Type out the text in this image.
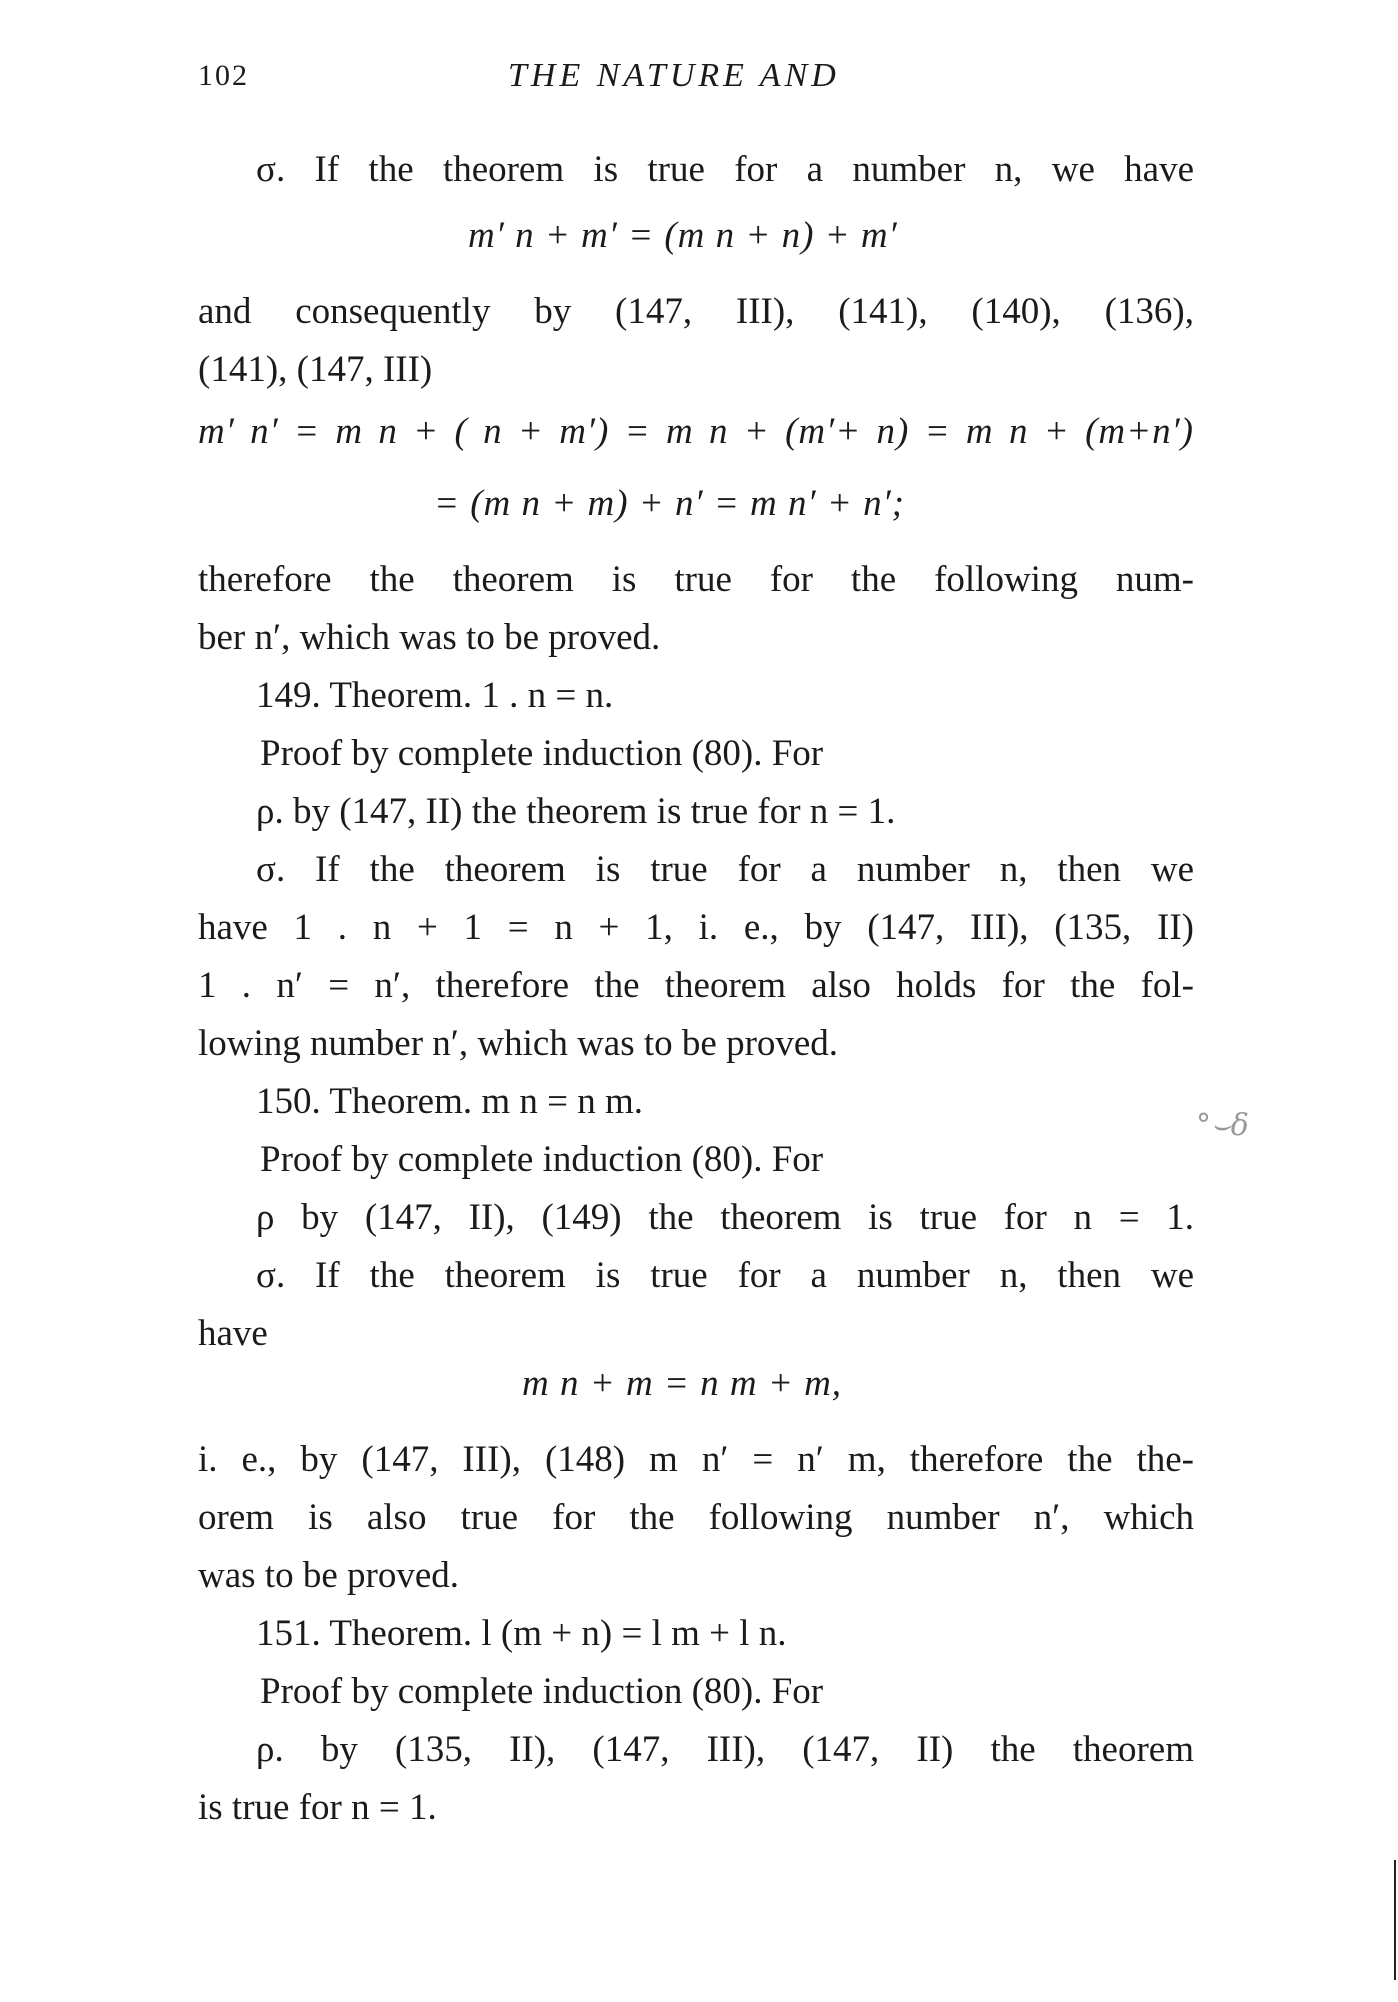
102	THE NATURE AND
σ. If the theorem is true for a number n, we have
m′ n + m′ = (m n + n) + m′
and consequently by (147, III), (141), (140), (136),
(141), (147, III)
m′ n′ = m n + ( n + m′) = m n + (m′+ n) = m n + (m+n′)
= (m n + m) + n′ = m n′ + n′;
therefore the theorem is true for the following num-
ber n′, which was to be proved.
149. Theorem. 1 . n = n.
Proof by complete induction (80). For
ρ. by (147, II) the theorem is true for n = 1.
σ. If the theorem is true for a number n, then we
have 1 . n + 1 = n + 1, i. e., by (147, III), (135, II)
1 . n′ = n′, therefore the theorem also holds for the fol-
lowing number n′, which was to be proved.
150. Theorem. m n = n m.
Proof by complete induction (80). For
ρ by (147, II), (149) the theorem is true for n = 1.
σ. If the theorem is true for a number n, then we
have
m n + m = n m + m,
i. e., by (147, III), (148) m n′ = n′ m, therefore the the-
orem is also true for the following number n′, which
was to be proved.
151. Theorem. l (m + n) = l m + l n.
Proof by complete induction (80). For
ρ. by (135, II), (147, III), (147, II) the theorem
is true for n = 1.
°⌣δ
